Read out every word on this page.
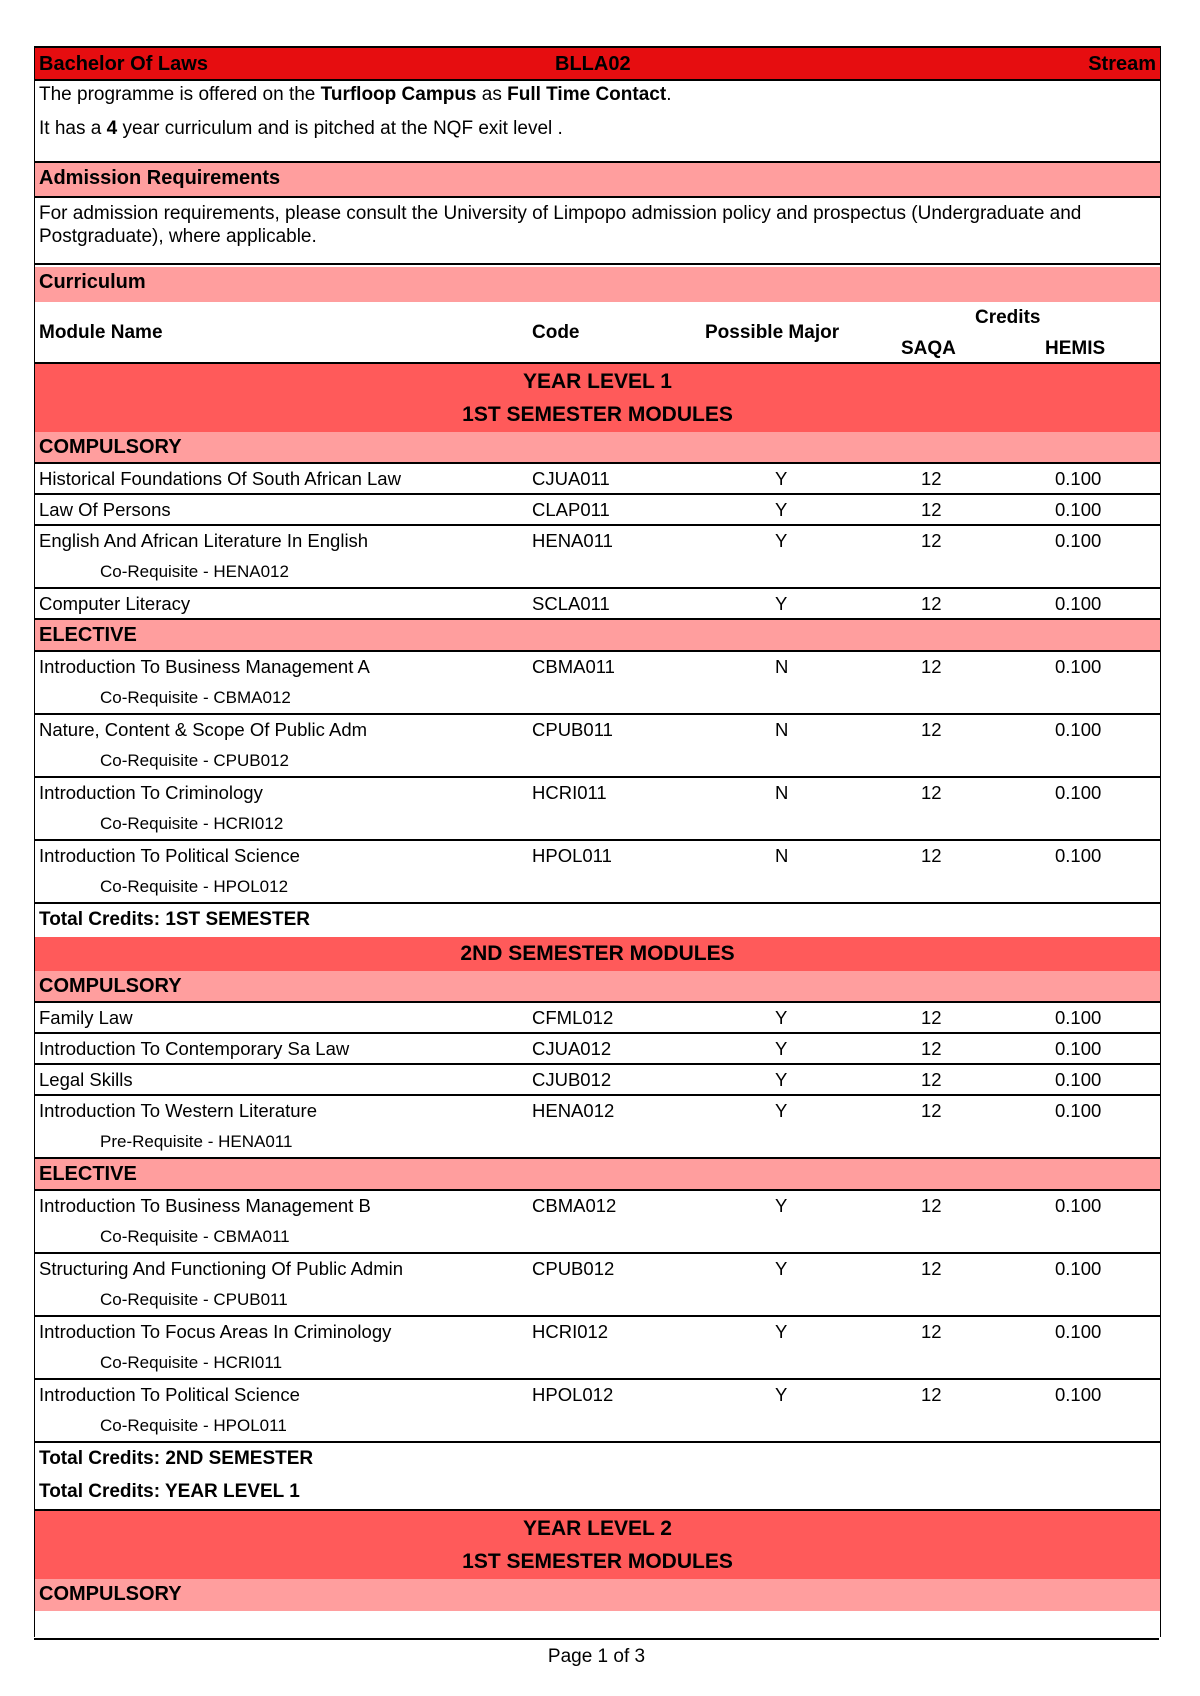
Bachelor Of Laws	BLLA02	Stream
The programme is offered on the Turfloop Campus as Full Time Contact.
It has a 4 year curriculum and is pitched at the NQF exit level .
Admission Requirements
For admission requirements, please consult the University of Limpopo admission policy and prospectus (Undergraduate and Postgraduate), where applicable.
Curriculum
Module Name	Code	Possible Major
Credits
SAQA	HEMIS
YEAR LEVEL 1
1ST SEMESTER MODULES
COMPULSORY
Historical Foundations Of South African Law	CJUA011	Y	12	0.100
Law Of Persons	CLAP011	Y	12	0.100
English And African Literature In English	HENA011	Y	12	0.100
Co-Requisite - HENA012
Computer Literacy	SCLA011	Y	12	0.100
ELECTIVE
Introduction To Business Management A	CBMA011	N	12	0.100
Co-Requisite - CBMA012
Nature, Content & Scope Of Public Adm	CPUB011	N	12	0.100
Co-Requisite - CPUB012
Introduction To Criminology	HCRI011	N	12	0.100
Co-Requisite - HCRI012
Introduction To Political Science	HPOL011	N	12	0.100
Co-Requisite - HPOL012
Total Credits: 1ST SEMESTER
2ND SEMESTER MODULES
COMPULSORY
Family Law	CFML012	Y	12	0.100
Introduction To Contemporary Sa Law	CJUA012	Y	12	0.100
Legal Skills	CJUB012	Y	12	0.100
Introduction To Western Literature	HENA012	Y	12	0.100
Pre-Requisite - HENA011
ELECTIVE
Introduction To Business Management B	CBMA012	Y	12	0.100
Co-Requisite - CBMA011
Structuring And Functioning Of Public Admin	CPUB012	Y	12	0.100
Co-Requisite - CPUB011
Introduction To Focus Areas In Criminology	HCRI012	Y	12	0.100
Co-Requisite - HCRI011
Introduction To Political Science	HPOL012	Y	12	0.100
Co-Requisite - HPOL011
Total Credits: 2ND SEMESTER
Total Credits: YEAR LEVEL 1
YEAR LEVEL 2
1ST SEMESTER MODULES
COMPULSORY
Page 1 of 3
